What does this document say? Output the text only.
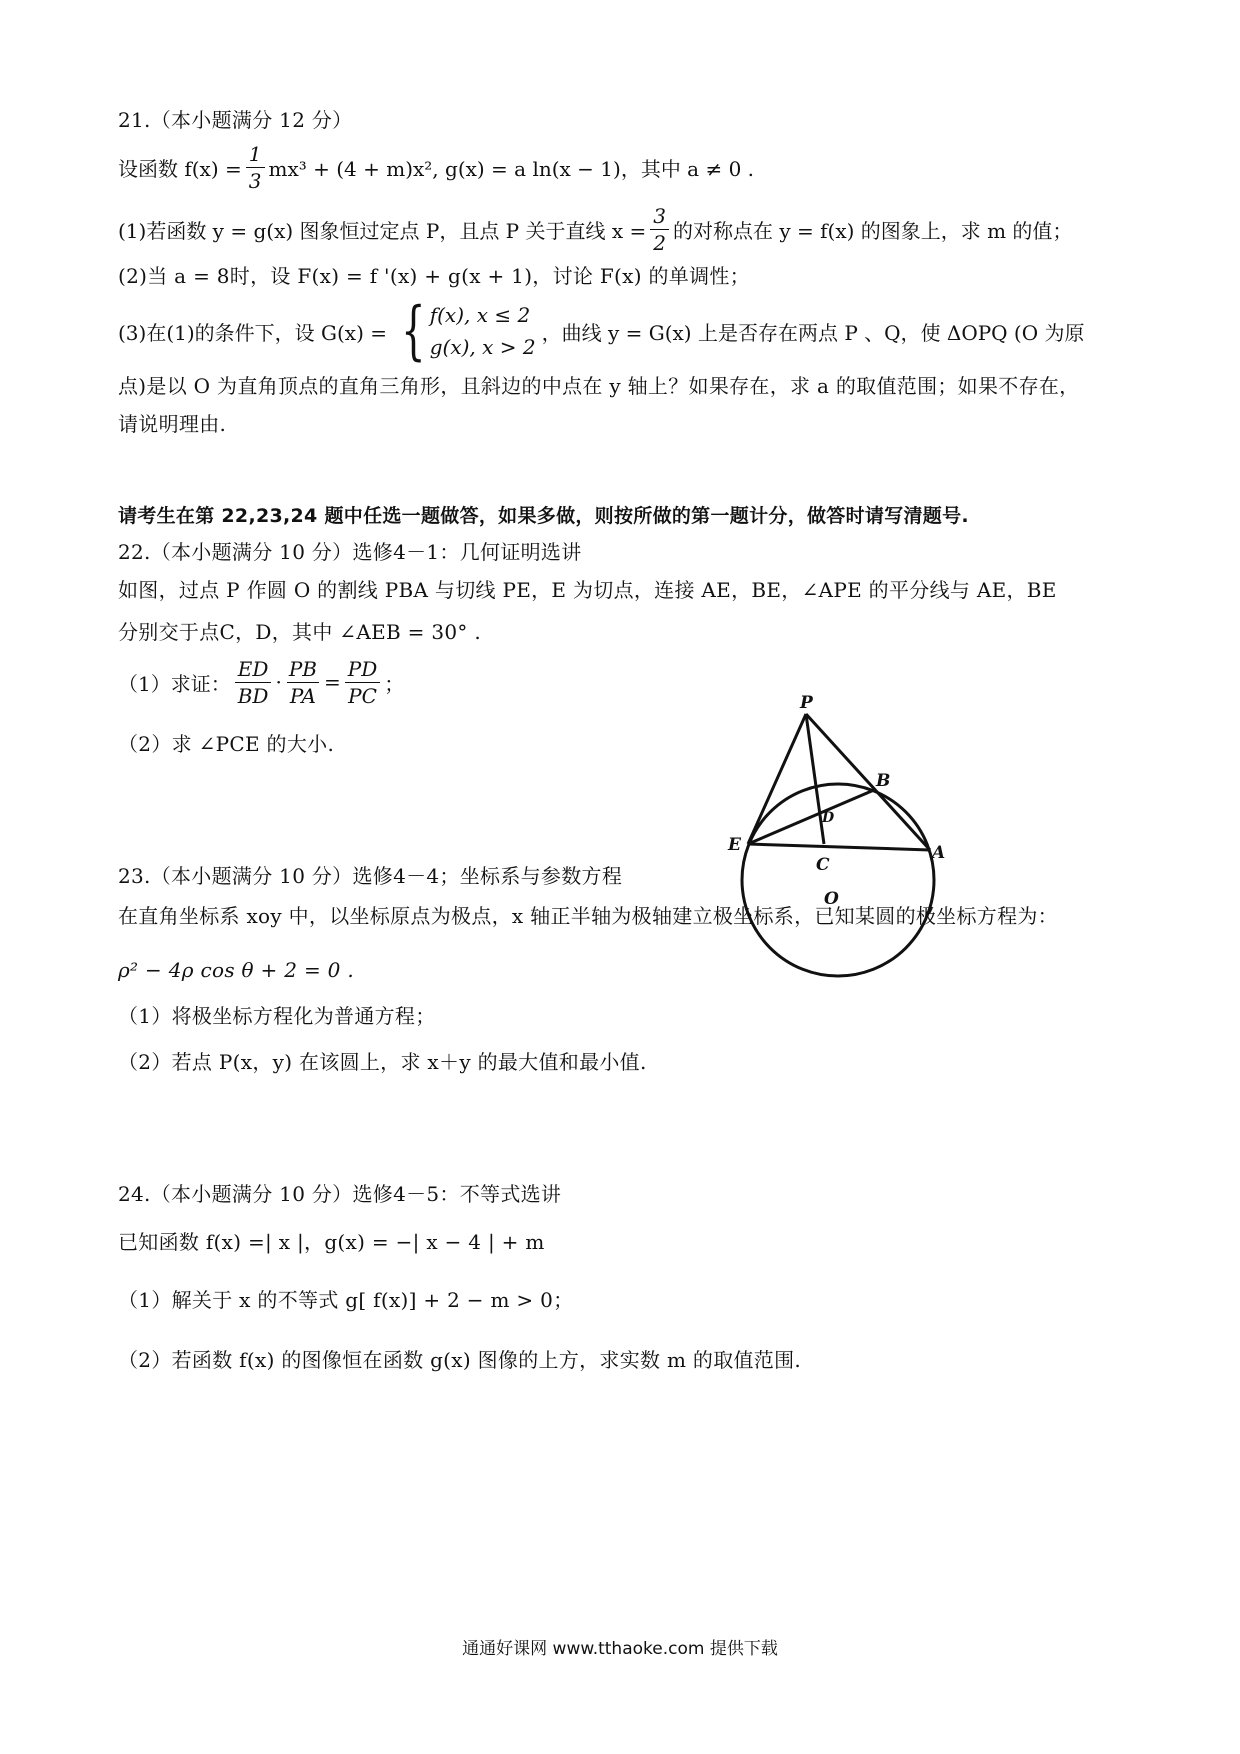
21.（本小题满分 12 分）
设函数 $f(x) = \frac{1}{3} mx^3 + (4 + m)x^2$, g(x) = a ln(x − 1)，其中 a ≠ 0 .
(1)若函数 y = g(x) 图象恒过定点 P，且点 P 关于直线 $x = \frac{3}{2}$ 的对称点在 y = f(x) 的图象上，求 m 的值；
(2)当 a = 8时，设 F(x) = f '(x) + g(x + 1)，讨论 F(x) 的单调性；
(3)在(1)的条件下，设 G(x) = { f(x), x ≤ 2
g(x), x > 2
，曲线 y = G(x) 上是否存在两点 P 、Q，使 ΔOPQ (O 为原
点)是以 O 为直角顶点的直角三角形，且斜边的中点在 y 轴上？如果存在，求 a 的取值范围；如果不存在，
请说明理由.
请考生在第 22,23,24 题中任选一题做答，如果多做，则按所做的第一题计分，做答时请写清题号.
22.（本小题满分 10 分）选修4－1：几何证明选讲
如图，过点 P 作圆 O 的割线 PBA 与切线 PE，E 为切点，连接 AE，BE，∠APE 的平分线与 AE，BE
分别交于点C，D，其中 ∠AEB = 30° .
（1）求证： $\frac{ED}{BD} \cdot \frac{PB}{PA} = \frac{PD}{PC}$ ；
（2）求 ∠PCE 的大小.
P
B
D
E
C
A
O
23.（本小题满分 10 分）选修4－4；坐标系与参数方程
在直角坐标系 xoy 中，以坐标原点为极点，x 轴正半轴为极轴建立极坐标系，已知某圆的极坐标方程为：
ρ² − 4ρ cos θ + 2 = 0 .
（1）将极坐标方程化为普通方程；
（2）若点 P(x，y) 在该圆上，求 x＋y 的最大值和最小值.
24.（本小题满分 10 分）选修4－5：不等式选讲
已知函数 f(x) =| x |，g(x) = −| x − 4 | + m
（1）解关于 x 的不等式 g[ f(x)] + 2 − m > 0；
（2）若函数 f(x) 的图像恒在函数 g(x) 图像的上方，求实数 m 的取值范围.
通通好课网 www.tthaoke.com 提供下载
